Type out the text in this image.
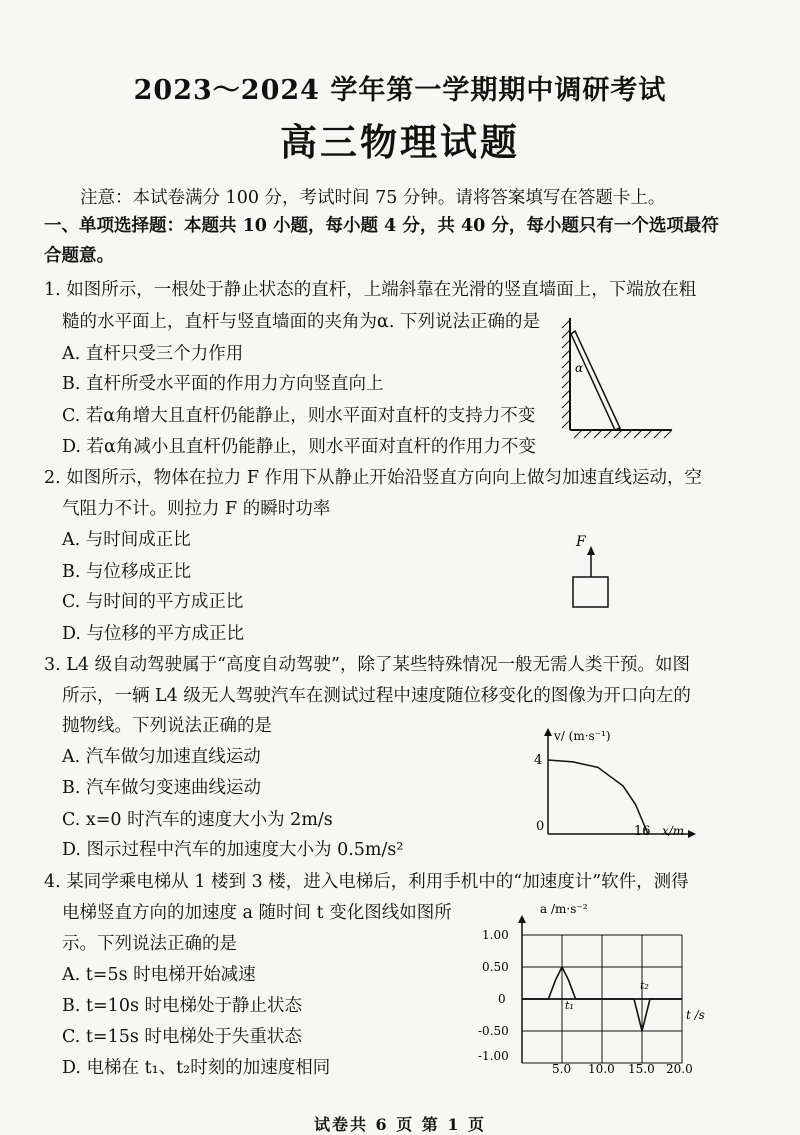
2023～2024 学年第一学期期中调研考试
高三物理试题
注意：本试卷满分 100 分，考试时间 75 分钟。请将答案填写在答题卡上。
一、单项选择题：本题共 10 小题，每小题 4 分，共 40 分，每小题只有一个选项最符
合题意。
1. 如图所示，一根处于静止状态的直杆，上端斜靠在光滑的竖直墙面上，下端放在粗
糙的水平面上，直杆与竖直墙面的夹角为α. 下列说法正确的是
A. 直杆只受三个力作用
B. 直杆所受水平面的作用力方向竖直向上
C. 若α角增大且直杆仍能静止，则水平面对直杆的支持力不变
D. 若α角减小且直杆仍能静止，则水平面对直杆的作用力不变
α
2. 如图所示，物体在拉力 F 作用下从静止开始沿竖直方向向上做匀加速直线运动，空
气阻力不计。则拉力 F 的瞬时功率
A. 与时间成正比
B. 与位移成正比
C. 与时间的平方成正比
D. 与位移的平方成正比
F
3. L4 级自动驾驶属于“高度自动驾驶”，除了某些特殊情况一般无需人类干预。如图
所示，一辆 L4 级无人驾驶汽车在测试过程中速度随位移变化的图像为开口向左的
抛物线。下列说法正确的是
A. 汽车做匀加速直线运动
B. 汽车做匀变速曲线运动
C. x=0 时汽车的速度大小为 2m/s
D. 图示过程中汽车的加速度大小为 0.5m/s²
v/ (m·s⁻¹)
4
0	16 x/m
4. 某同学乘电梯从 1 楼到 3 楼，进入电梯后，利用手机中的“加速度计”软件，测得
电梯竖直方向的加速度 a 随时间 t 变化图线如图所
示。下列说法正确的是
A. t=5s 时电梯开始减速
B. t=10s 时电梯处于静止状态
C. t=15s 时电梯处于失重状态
D. 电梯在 t₁、t₂时刻的加速度相同
a /m·s⁻²
1.00
0.50
0
-0.50
-1.00
5.0 10.0 15.0 20.0
t /s
t₁
t₂
试卷共 6 页 第 1 页
